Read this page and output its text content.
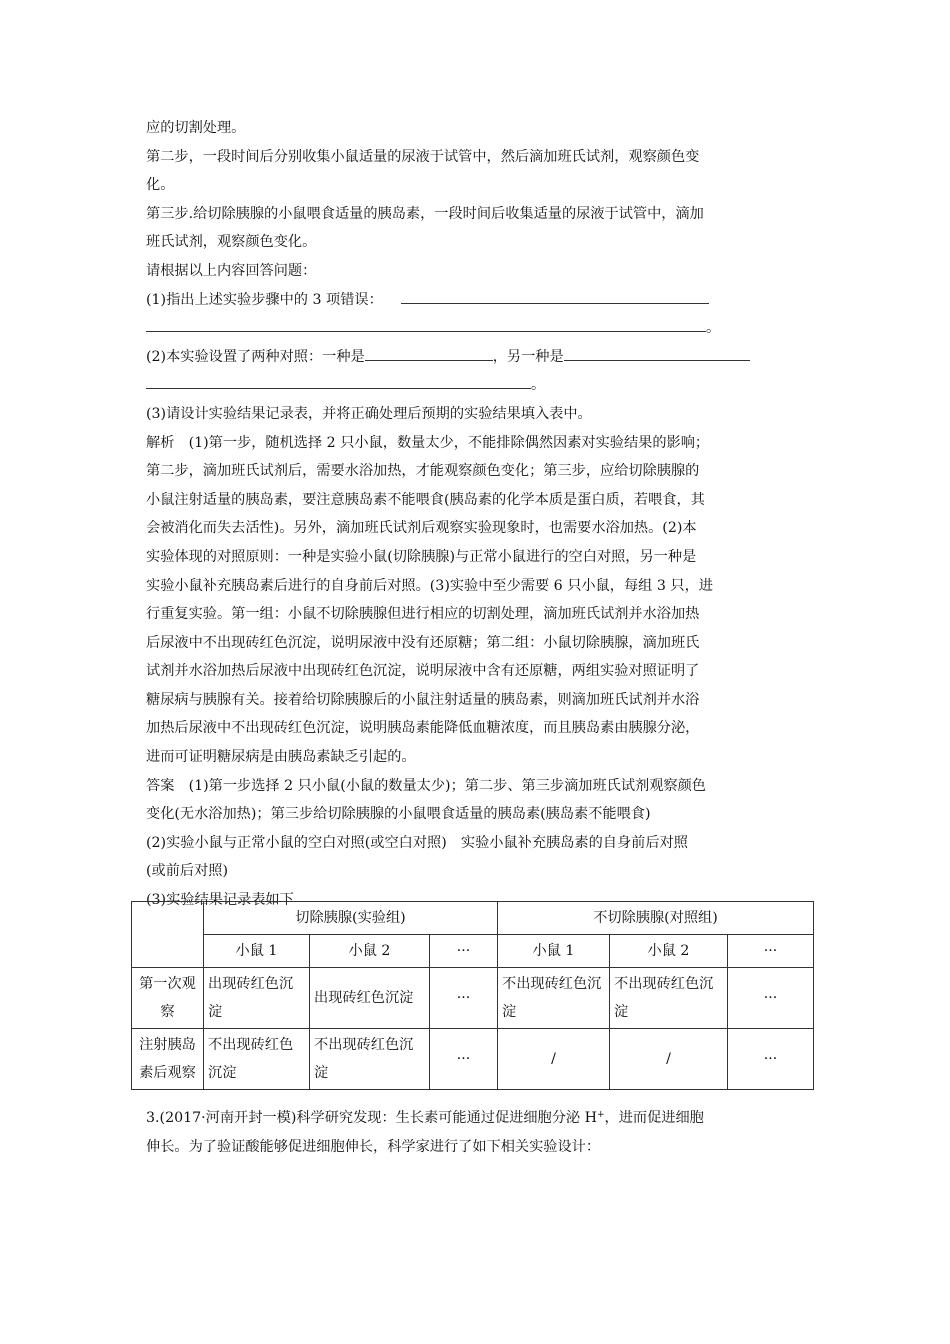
应的切割处理。
第二步，一段时间后分别收集小鼠适量的尿液于试管中，然后滴加班氏试剂，观察颜色变
化。
第三步.给切除胰腺的小鼠喂食适量的胰岛素，一段时间后收集适量的尿液于试管中，滴加
班氏试剂，观察颜色变化。
请根据以上内容回答问题：
(1)指出上述实验步骤中的 3 项错误：
。
(2)本实验设置了两种对照：一种是	，另一种是
。
(3)请设计实验结果记录表，并将正确处理后预期的实验结果填入表中。
解析　(1)第一步，随机选择 2 只小鼠，数量太少，不能排除偶然因素对实验结果的影响；
第二步，滴加班氏试剂后，需要水浴加热，才能观察颜色变化；第三步，应给切除胰腺的
小鼠注射适量的胰岛素，要注意胰岛素不能喂食(胰岛素的化学本质是蛋白质，若喂食，其
会被消化而失去活性)。另外，滴加班氏试剂后观察实验现象时，也需要水浴加热。(2)本
实验体现的对照原则：一种是实验小鼠(切除胰腺)与正常小鼠进行的空白对照，另一种是
实验小鼠补充胰岛素后进行的自身前后对照。(3)实验中至少需要 6 只小鼠，每组 3 只，进
行重复实验。第一组：小鼠不切除胰腺但进行相应的切割处理，滴加班氏试剂并水浴加热
后尿液中不出现砖红色沉淀，说明尿液中没有还原糖；第二组：小鼠切除胰腺，滴加班氏
试剂并水浴加热后尿液中出现砖红色沉淀，说明尿液中含有还原糖，两组实验对照证明了
糖尿病与胰腺有关。接着给切除胰腺后的小鼠注射适量的胰岛素，则滴加班氏试剂并水浴
加热后尿液中不出现砖红色沉淀，说明胰岛素能降低血糖浓度，而且胰岛素由胰腺分泌，
进而可证明糖尿病是由胰岛素缺乏引起的。
答案　(1)第一步选择 2 只小鼠(小鼠的数量太少)；第二步、第三步滴加班氏试剂观察颜色
变化(无水浴加热)；第三步给切除胰腺的小鼠喂食适量的胰岛素(胰岛素不能喂食)
(2)实验小鼠与正常小鼠的空白对照(或空白对照)　实验小鼠补充胰岛素的自身前后对照
(或前后对照)
(3)实验结果记录表如下
	切除胰腺(实验组)			不切除胰腺(对照组)		
	小鼠 1	小鼠 2	···	小鼠 1	小鼠 2	···
第一次观察	出现砖红色沉淀	出现砖红色沉淀	···	不出现砖红色沉淀	不出现砖红色沉淀	···
注射胰岛素后观察	不出现砖红色沉淀	不出现砖红色沉淀	···	/	/	···
3.(2017·河南开封一模)科学研究发现：生长素可能通过促进细胞分泌 H+，进而促进细胞
伸长。为了验证酸能够促进细胞伸长，科学家进行了如下相关实验设计：
